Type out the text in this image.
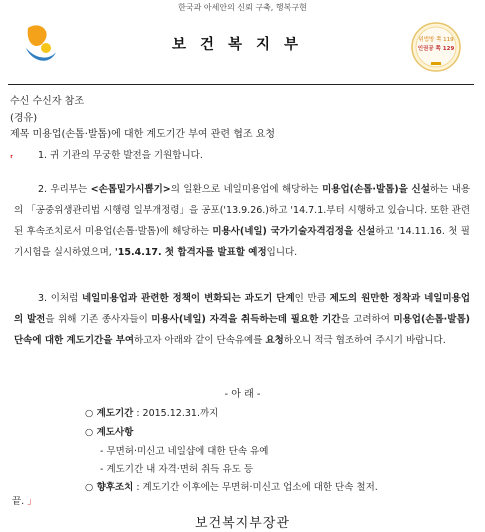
한국과 아세안의 신뢰 구축, 행복구현
보건복지부	위법방 쪽 119
인권공 쪽 129
수신 수신자 참조
(경유)
제목 미용업(손톱·발톱)에 대한 계도기간 부여 관련 협조 요청
⸢	1. 귀 기관의 무궁한 발전을 기원합니다.
2. 우리부는 <손톱밑가시뽑기>의 일환으로 네일미용업에 해당하는 미용업(손톱·발톱)을 신설하는 내용의 「공중위생관리법 시행령 일부개정령」을 공포('13.9.26.)하고 '14.7.1.부터 시행하고 있습니다. 또한 관련된 후속조치로서 미용업(손톱·발톱)에 해당하는 미용사(네일) 국가기술자격검정을 신설하고 '14.11.16. 첫 필기시험을 실시하였으며, '15.4.17. 첫 합격자를 발표할 예정입니다.
3. 이처럼 네일미용업과 관련한 정책이 변화되는 과도기 단계인 만큼 제도의 원만한 정착과 네일미용업의 발전을 위해 기존 종사자들이 미용사(네일) 자격을 취득하는데 필요한 기간을 고려하여 미용업(손톱·발톱) 단속에 대한 계도기간을 부여하고자 아래와 같이 단속유예를 요청하오니 적극 협조하여 주시기 바랍니다.
- 아 래 -
○ 계도기간 : 2015.12.31.까지
○ 계도사항
- 무면허·미신고 네일샵에 대한 단속 유예
- 계도기간 내 자격·면허 취득 유도 등
○ 향후조치 : 계도기간 이후에는 무면허·미신고 업소에 대한 단속 철저.
끝. 」
보건복지부장관
